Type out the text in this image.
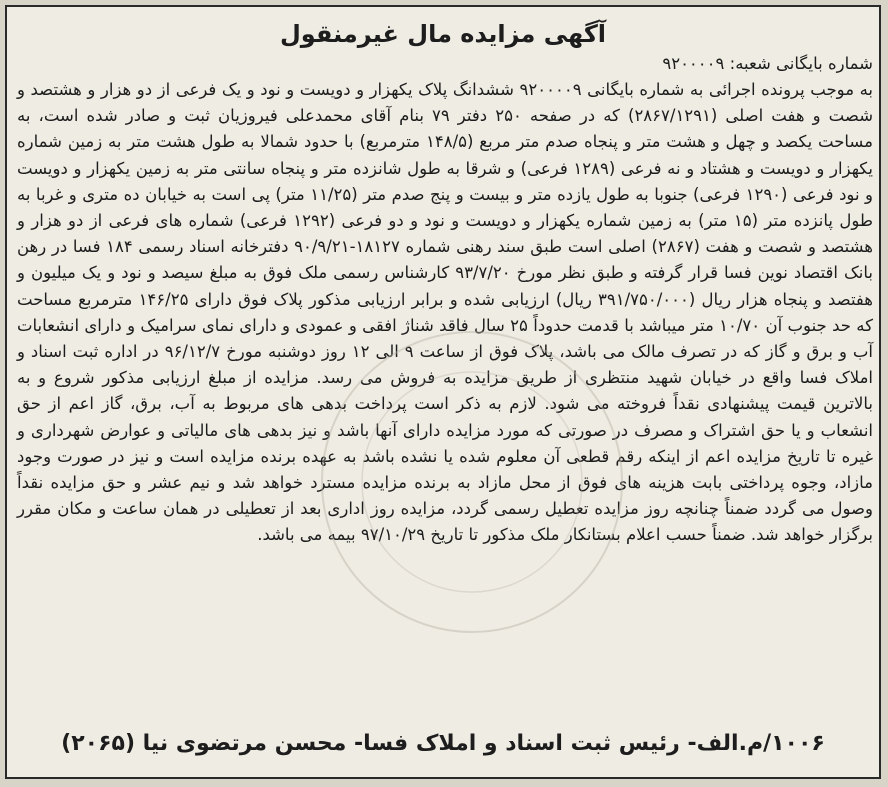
آگهی مزایده مال غیرمنقول
شماره بایگانی شعبه: ۹۲۰۰۰۰۹
به موجب پرونده اجرائی به شماره بایگانی ۹۲۰۰۰۰۹ ششدانگ پلاک یکهزار و دویست و نود و یک فرعی از دو هزار و هشتصد و شصت و هفت اصلی (۲۸۶۷/۱۲۹۱) که در صفحه ۲۵۰ دفتر ۷۹ بنام آقای محمدعلی فیروزیان ثبت و صادر شده است، به مساحت یکصد و چهل و هشت متر و پنجاه صدم متر مربع (۱۴۸/۵ مترمربع) با حدود شمالا به طول هشت متر به زمین شماره یکهزار و دویست و هشتاد و نه فرعی (۱۲۸۹ فرعی) و شرقا به طول شانزده متر و پنجاه سانتی متر به زمین یکهزار و دویست و نود فرعی (۱۲۹۰ فرعی) جنوبا به طول یازده متر و بیست و پنج صدم متر (۱۱/۲۵ متر) پی است به خیابان ده متری و غربا به طول پانزده متر (۱۵ متر) به زمین شماره یکهزار و دویست و نود و دو فرعی (۱۲۹۲ فرعی) شماره های فرعی از دو هزار و هشتصد و شصت و هفت (۲۸۶۷) اصلی است طبق سند رهنی شماره ۱۸۱۲۷-۹۰/۹/۲۱ دفترخانه اسناد رسمی ۱۸۴ فسا در رهن بانک اقتصاد نوین فسا قرار گرفته و طبق نظر مورخ ۹۳/۷/۲۰ کارشناس رسمی ملک فوق به مبلغ سیصد و نود و یک میلیون و هفتصد و پنجاه هزار ریال (۳۹۱/۷۵۰/۰۰۰ ریال) ارزیابی شده و برابر ارزیابی مذکور پلاک فوق دارای ۱۴۶/۲۵ مترمربع مساحت که حد جنوب آن ۱۰/۷۰ متر میباشد با قدمت حدوداً ۲۵ سال فاقد شناژ افقی و عمودی و دارای نمای سرامیک و دارای انشعابات آب و برق و گاز که در تصرف مالک می باشد، پلاک فوق از ساعت ۹ الی ۱۲ روز دوشنبه مورخ ۹۶/۱۲/۷ در اداره ثبت اسناد و املاک فسا واقع در خیابان شهید منتظری از طریق مزایده به فروش می رسد. مزایده از مبلغ ارزیابی مذکور شروع و به بالاترین قیمت پیشنهادی نقداً فروخته می شود. لازم به ذکر است پرداخت بدهی های مربوط به آب، برق، گاز اعم از حق انشعاب و یا حق اشتراک و مصرف در صورتی که مورد مزایده دارای آنها باشد و نیز بدهی های مالیاتی و عوارض شهرداری و غیره تا تاریخ مزایده اعم از اینکه رقم قطعی آن معلوم شده یا نشده باشد به عهده برنده مزایده است و نیز در صورت وجود مازاد، وجوه پرداختی بابت هزینه های فوق از محل مازاد به برنده مزایده مسترد خواهد شد و نیم عشر و حق مزایده نقداً وصول می گردد ضمناً چنانچه روز مزایده تعطیل رسمی گردد، مزایده روز اداری بعد از تعطیلی در همان ساعت و مکان مقرر برگزار خواهد شد. ضمناً حسب اعلام بستانکار ملک مذکور تا تاریخ ۹۷/۱۰/۲۹ بیمه می باشد.
۱۰۰۶/م.الف- رئیس ثبت اسناد و املاک فسا- محسن مرتضوی نیا (۲۰۶۵)
